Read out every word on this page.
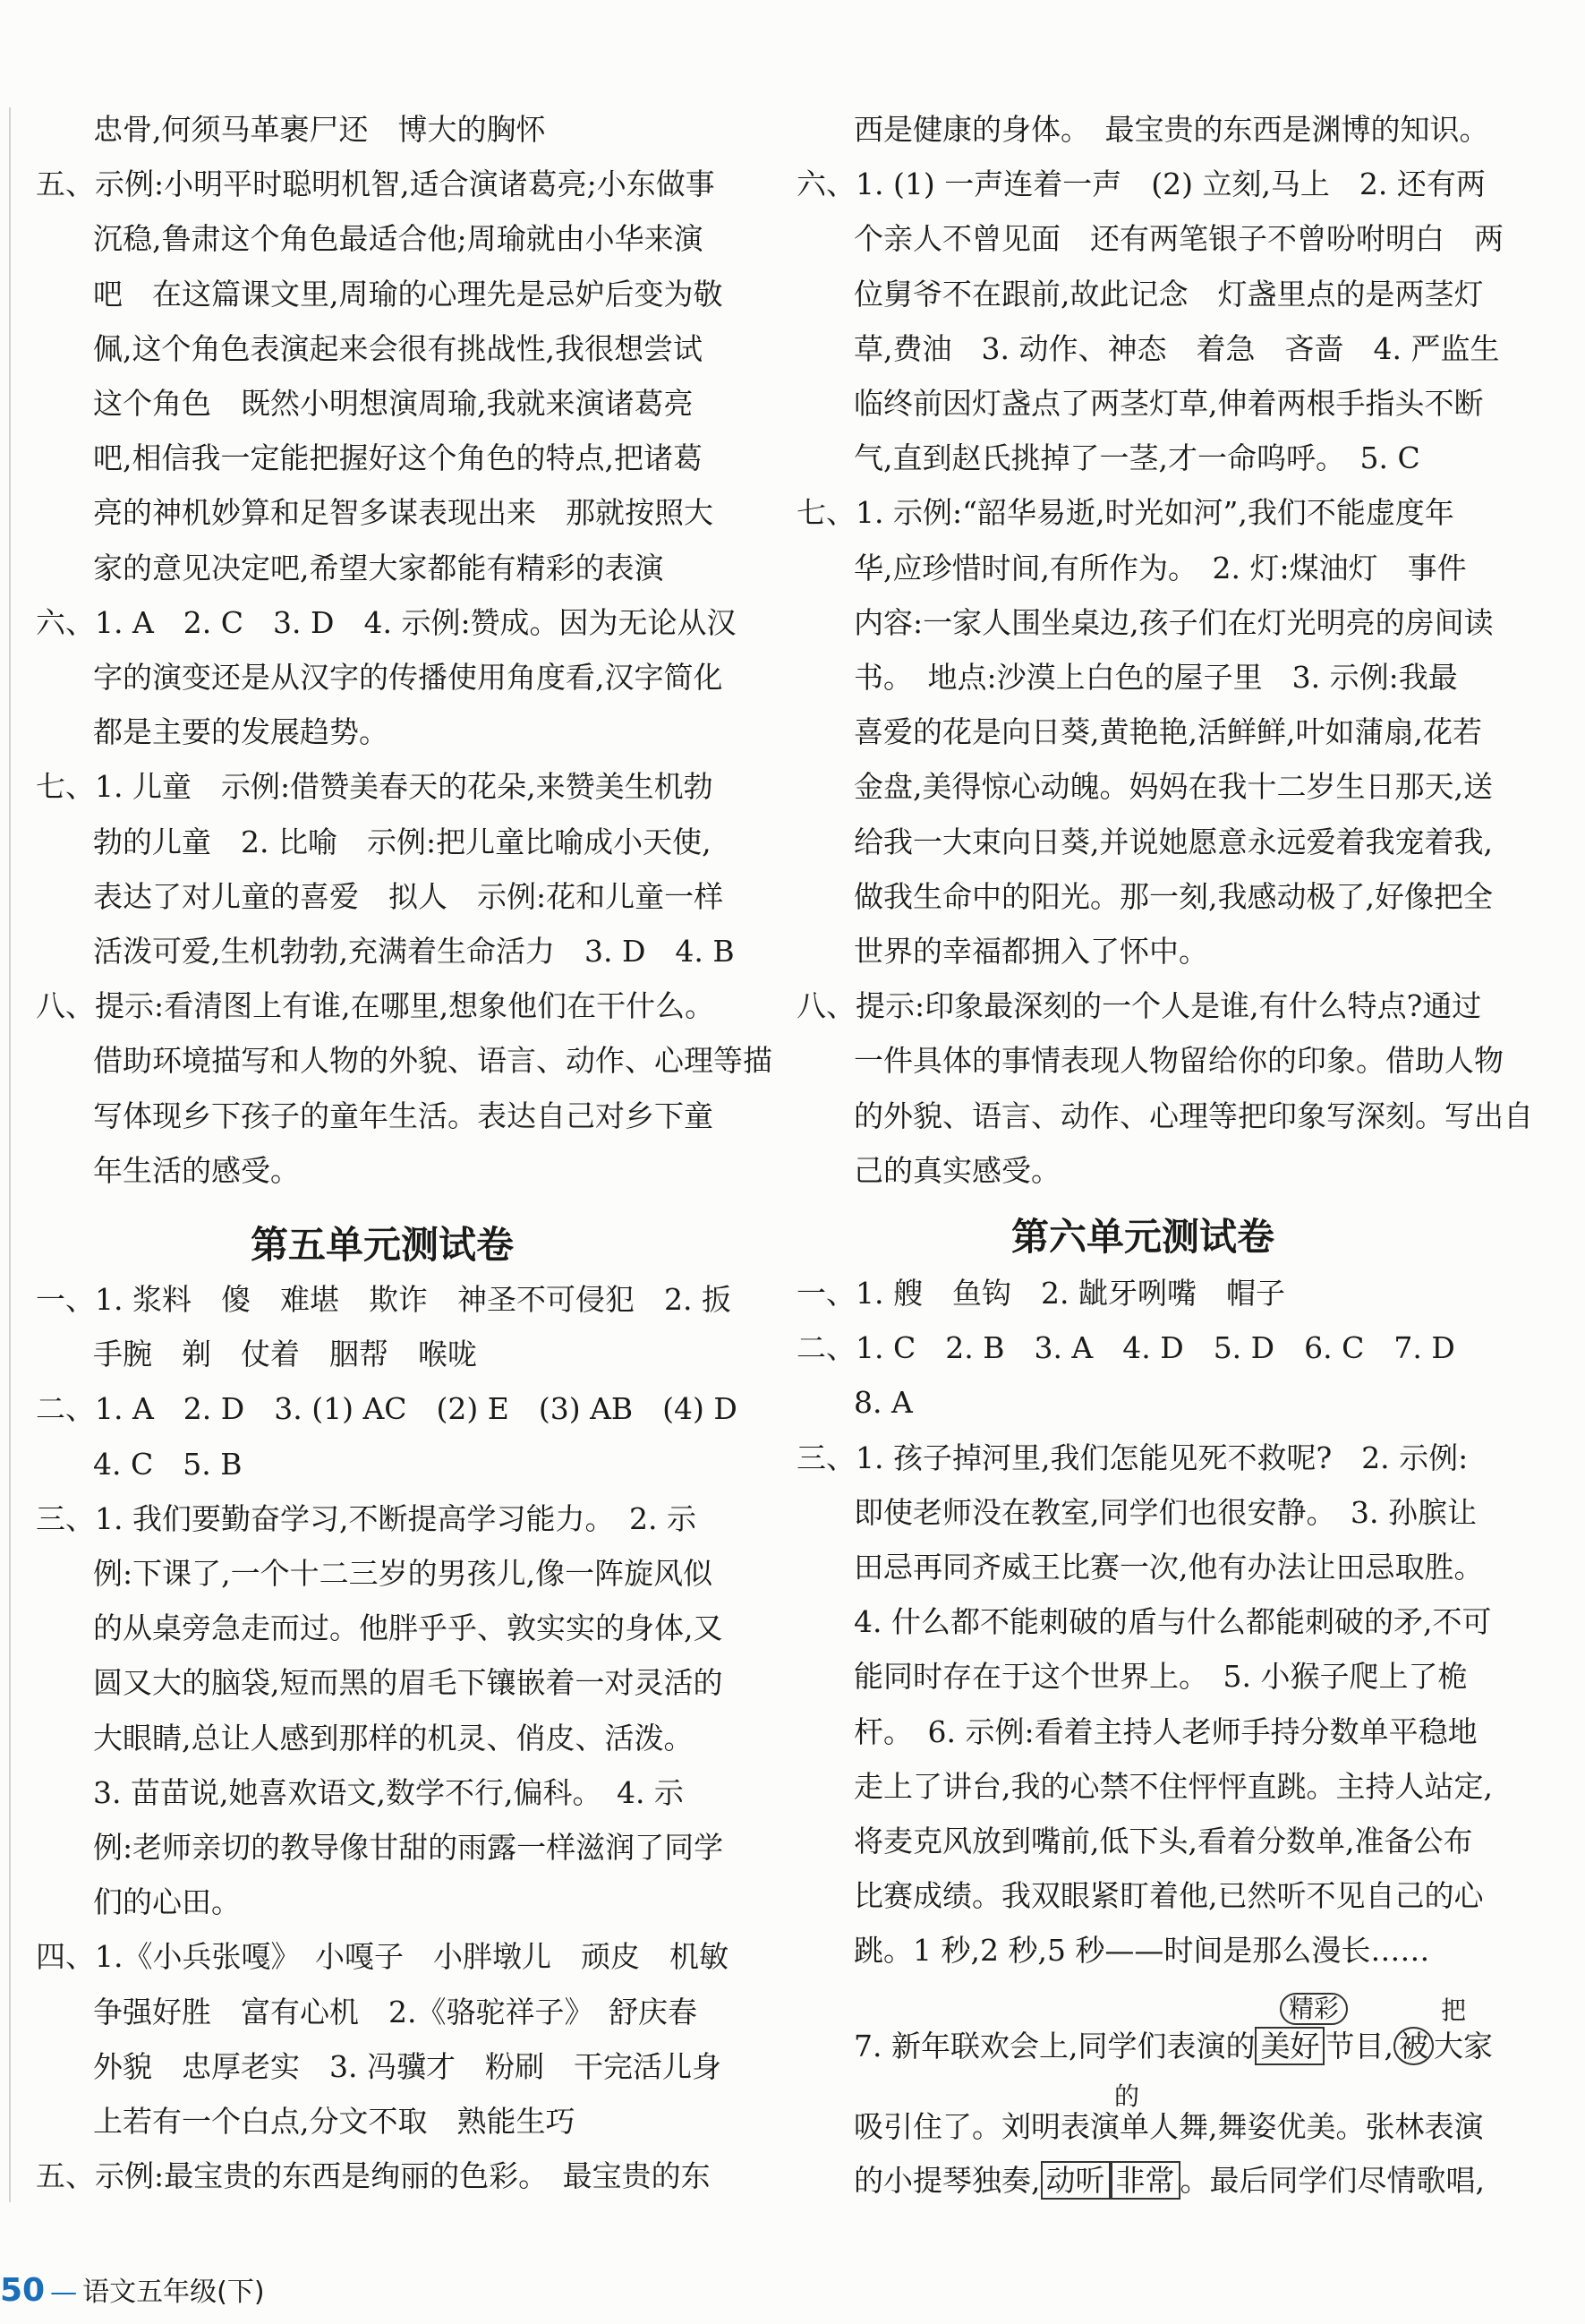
第五单元测试卷
忠骨,何须马革裹尸还　博大的胸怀
五、示例:小明平时聪明机智,适合演诸葛亮;小东做事
沉稳,鲁肃这个角色最适合他;周瑜就由小华来演
吧　在这篇课文里,周瑜的心理先是忌妒后变为敬
佩,这个角色表演起来会很有挑战性,我很想尝试
这个角色　既然小明想演周瑜,我就来演诸葛亮
吧,相信我一定能把握好这个角色的特点,把诸葛
亮的神机妙算和足智多谋表现出来　那就按照大
家的意见决定吧,希望大家都能有精彩的表演
六、1. A　2. C　3. D　4. 示例:赞成。因为无论从汉
字的演变还是从汉字的传播使用角度看,汉字简化
都是主要的发展趋势。
七、1. 儿童　示例:借赞美春天的花朵,来赞美生机勃
勃的儿童　2. 比喻　示例:把儿童比喻成小天使,
表达了对儿童的喜爱　拟人　示例:花和儿童一样
活泼可爱,生机勃勃,充满着生命活力　3. D　4. B
八、提示:看清图上有谁,在哪里,想象他们在干什么。
借助环境描写和人物的外貌、语言、动作、心理等描
写体现乡下孩子的童年生活。表达自己对乡下童
年生活的感受。
一、1. 浆料　傻　难堪　欺诈　神圣不可侵犯　2. 扳
手腕　剃　仗着　胭帮　喉咙
二、1. A　2. D　3. (1) AC　(2) E　(3) AB　(4) D
4. C　5. B
三、1. 我们要勤奋学习,不断提高学习能力。　2. 示
例:下课了,一个十二三岁的男孩儿,像一阵旋风似
的从桌旁急走而过。他胖乎乎、敦实实的身体,又
圆又大的脑袋,短而黑的眉毛下镶嵌着一对灵活的
大眼睛,总让人感到那样的机灵、俏皮、活泼。
3. 苗苗说,她喜欢语文,数学不行,偏科。　4. 示
例:老师亲切的教导像甘甜的雨露一样滋润了同学
们的心田。
四、1.《小兵张嘎》　小嘎子　小胖墩儿　顽皮　机敏
争强好胜　富有心机　2.《骆驼祥子》　舒庆春
外貌　忠厚老实　3. 冯骥才　粉刷　干完活儿身
上若有一个白点,分文不取　熟能生巧
五、示例:最宝贵的东西是绚丽的色彩。　最宝贵的东
第六单元测试卷
精彩	把
7. 新年联欢会上,同学们表演的 美好 节目, 被 大家
的
吸引住了。刘明表演单人舞,舞姿优美。张林表演
的小提琴独奏, 动听 非常 。最后同学们尽情歌唱,
西是健康的身体。　最宝贵的东西是渊博的知识。
六、1. (1) 一声连着一声　(2) 立刻,马上　2. 还有两
个亲人不曾见面　还有两笔银子不曾吩咐明白　两
位舅爷不在跟前,故此记念　灯盏里点的是两茎灯
草,费油　3. 动作、神态　着急　吝啬　4. 严监生
临终前因灯盏点了两茎灯草,伸着两根手指头不断
气,直到赵氏挑掉了一茎,才一命呜呼。　5. C
七、1. 示例:“韶华易逝,时光如河”,我们不能虚度年
华,应珍惜时间,有所作为。　2. 灯:煤油灯　事件
内容:一家人围坐桌边,孩子们在灯光明亮的房间读
书。　地点:沙漠上白色的屋子里　3. 示例:我最
喜爱的花是向日葵,黄艳艳,活鲜鲜,叶如蒲扇,花若
金盘,美得惊心动魄。妈妈在我十二岁生日那天,送
给我一大束向日葵,并说她愿意永远爱着我宠着我,
做我生命中的阳光。那一刻,我感动极了,好像把全
世界的幸福都拥入了怀中。
八、提示:印象最深刻的一个人是谁,有什么特点?通过
一件具体的事情表现人物留给你的印象。借助人物
的外貌、语言、动作、心理等把印象写深刻。写出自
己的真实感受。
一、1. 艘　鱼钩　2. 龇牙咧嘴　帽子
二、1. C　2. B　3. A　4. D　5. D　6. C　7. D
8. A
三、1. 孩子掉河里,我们怎能见死不救呢?　2. 示例:
即使老师没在教室,同学们也很安静。　3. 孙膑让
田忌再同齐威王比赛一次,他有办法让田忌取胜。
4. 什么都不能刺破的盾与什么都能刺破的矛,不可
能同时存在于这个世界上。　5. 小猴子爬上了桅
杆。　6. 示例:看着主持人老师手持分数单平稳地
走上了讲台,我的心禁不住怦怦直跳。主持人站定,
将麦克风放到嘴前,低下头,看着分数单,准备公布
比赛成绩。我双眼紧盯着他,已然听不见自己的心
跳。1 秒,2 秒,5 秒——时间是那么漫长……
50 — 语文五年级(下)
